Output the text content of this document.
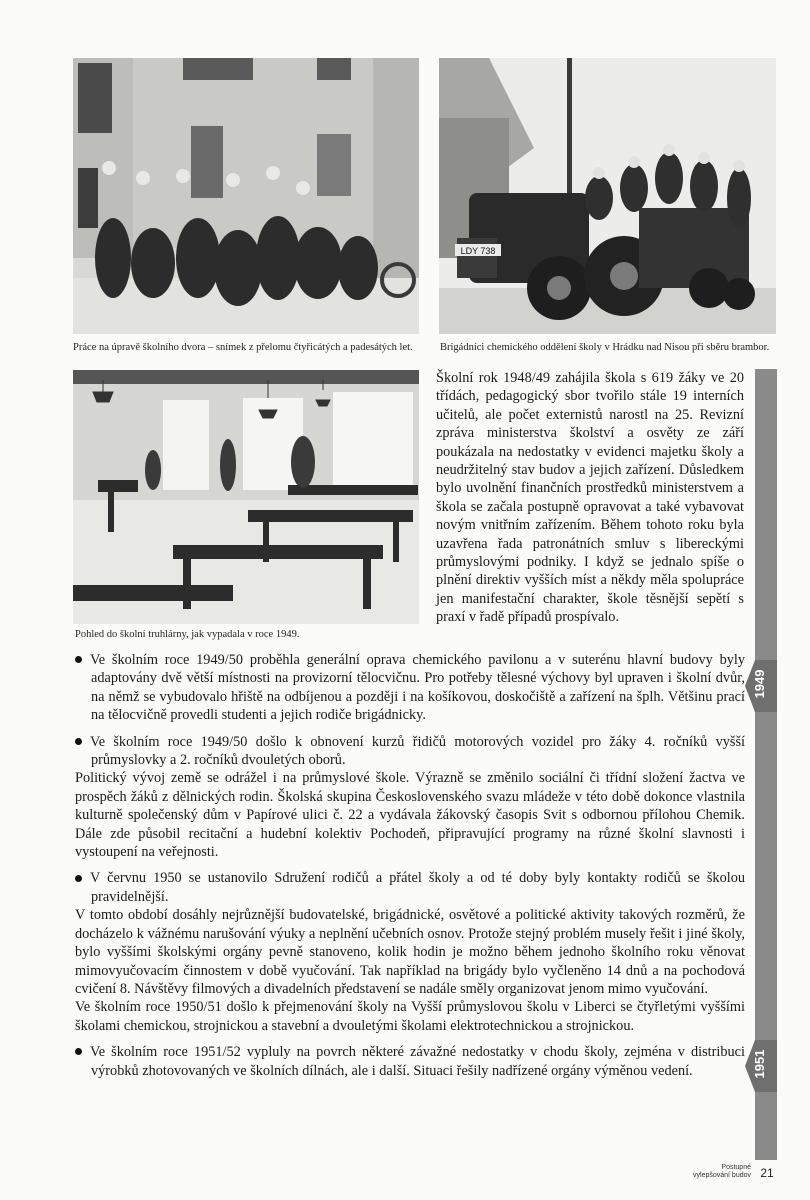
Práce na úpravě školního dvora – snímek z přelomu čtyřicátých a padesátých let.
LDY 738
Brigádníci chemického oddělení školy v Hrádku nad Nisou při sběru brambor.
Pohled do školní truhlárny, jak vypadala v roce 1949.

Školní rok 1948/49 zahájila škola s 619 žáky ve 20 třídách, pedagogický sbor tvořilo stále 19 interních učitelů, ale počet externistů narostl na 25. Revizní zpráva ministerstva školství a osvěty ze září poukázala na nedostatky v evidenci majetku školy a neudržitelný stav budov a jejich zařízení. Důsledkem bylo uvolnění finančních prostředků ministerstvem a škola se začala postupně opravovat a také vybavovat novým vnitřním zařízením. Během tohoto roku byla uzavřena řada patronátních smluv s libereckými průmyslovými podniky. I když se jednalo spíše o plnění direktiv vyšších míst a někdy měla spolupráce jen manifestační charakter, škole těsnější sepětí s praxí v řadě případů prospívalo.

Ve školním roce 1949/50 proběhla generální oprava chemického pavilonu a v suterénu hlavní budovy byly adaptovány dvě větší místnosti na provizorní tělocvičnu. Pro potřeby tělesné výchovy byl upraven i školní dvůr, na němž se vybudovalo hřiště na odbíjenou a později i na košíkovou, doskočiště a zařízení na šplh. Většinu prací na tělocvičně provedli studenti a jejich rodiče brigádnicky.

Ve školním roce 1949/50 došlo k obnovení kurzů řidičů motorových vozidel pro žáky 4. ročníků vyšší průmyslovky a 2. ročníků dvouletých oborů.

Politický vývoj země se odrážel i na průmyslové škole. Výrazně se změnilo sociální či třídní složení žactva ve prospěch žáků z dělnických rodin. Školská skupina Československého svazu mládeže v této době dokonce vlastnila kulturně společenský dům v Papírové ulici č. 22 a vydávala žákovský časopis Svit s odbornou přílohou Chemik. Dále zde působil recitační a hudební kolektiv Pochodeň, připravující programy na různé školní slavnosti i vystoupení na veřejnosti.

V červnu 1950 se ustanovilo Sdružení rodičů a přátel školy a od té doby byly kontakty rodičů se školou pravidelnější.

V tomto období dosáhly nejrůznější budovatelské, brigádnické, osvětové a politické aktivity takových rozměrů, že docházelo k vážnému narušování výuky a neplnění učebních osnov. Protože stejný problém musely řešit i jiné školy, bylo vyššími školskými orgány pevně stanoveno, kolik hodin je možno během jednoho školního roku věnovat mimovyučovacím činnostem v době vyučování. Tak například na brigády bylo vyčleněno 14 dnů a na pochodová cvičení 8. Návštěvy filmových a divadelních představení se nadále směly organizovat jenom mimo vyučování.

Ve školním roce 1950/51 došlo k přejmenování školy na Vyšší průmyslovou školu v Liberci se čtyřletými vyššími školami chemickou, strojnickou a stavební a dvouletými školami elektrotechnickou a strojnickou.

Ve školním roce 1951/52 vypluly na povrch některé závažné nedostatky v chodu školy, zejména v distribuci výrobků zhotovovaných ve školních dílnách, ale i další. Situaci řešily nadřízené orgány výměnou vedení.

1949
1951
Postupné vylepšování budov 21
